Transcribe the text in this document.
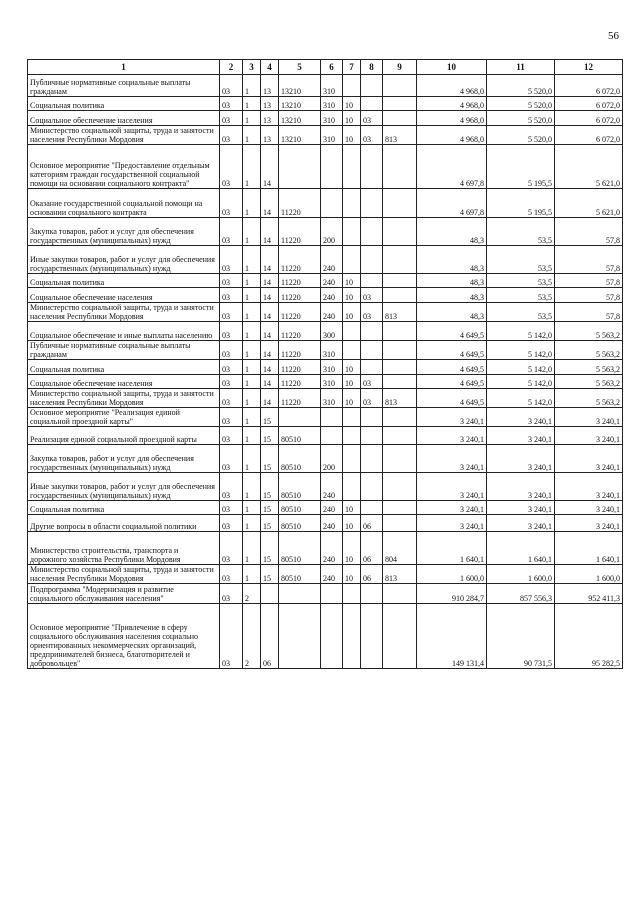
56
1	2	3	4	5	6	7	8	9	10	11	12
Публичные нормативные социальные выплаты гражданам	03	1	13	13210	310				4 968,0	5 520,0	6 072,0
Социальная политика	03	1	13	13210	310	10			4 968,0	5 520,0	6 072,0
Социальное обеспечение населения	03	1	13	13210	310	10	03		4 968,0	5 520,0	6 072,0
Министерство социальной защиты, труда и занятости населения Республики Мордовия	03	1	13	13210	310	10	03	813	4 968,0	5 520,0	6 072,0
Основное мероприятие "Предоставление отдельным категориям граждан государственной социальной помощи на основании социального контракта"	03	1	14						4 697,8	5 195,5	5 621,0
Оказание государственной социальной помощи на основании социального контракта	03	1	14	11220					4 697,8	5 195,5	5 621,0
Закупка товаров, работ и услуг для обеспечения государственных (муниципальных) нужд	03	1	14	11220	200				48,3	53,5	57,8
Иные закупки товаров, работ и услуг для обеспечения государственных (муниципальных) нужд	03	1	14	11220	240				48,3	53,5	57,8
Социальная политика	03	1	14	11220	240	10			48,3	53,5	57,8
Социальное обеспечение населения	03	1	14	11220	240	10	03		48,3	53,5	57,8
Министерство социальной защиты, труда и занятости населения Республики Мордовия	03	1	14	11220	240	10	03	813	48,3	53,5	57,8
Социальное обеспечение и иные выплаты населению	03	1	14	11220	300				4 649,5	5 142,0	5 563,2
Публичные нормативные социальные выплаты гражданам	03	1	14	11220	310				4 649,5	5 142,0	5 563,2
Социальная политика	03	1	14	11220	310	10			4 649,5	5 142,0	5 563,2
Социальное обеспечение населения	03	1	14	11220	310	10	03		4 649,5	5 142,0	5 563,2
Министерство социальной защиты, труда и занятости населения Республики Мордовия	03	1	14	11220	310	10	03	813	4 649,5	5 142,0	5 563,2
Основное мероприятие "Реализация единой социальной проездной карты"	03	1	15						3 240,1	3 240,1	3 240,1
Реализация единой социальной проездной карты	03	1	15	80510					3 240,1	3 240,1	3 240,1
Закупка товаров, работ и услуг для обеспечения государственных (муниципальных) нужд	03	1	15	80510	200				3 240,1	3 240,1	3 240,1
Иные закупки товаров, работ и услуг для обеспечения государственных (муниципальных) нужд	03	1	15	80510	240				3 240,1	3 240,1	3 240,1
Социальная политика	03	1	15	80510	240	10			3 240,1	3 240,1	3 240,1
Другие вопросы в области социальной политики	03	1	15	80510	240	10	06		3 240,1	3 240,1	3 240,1
Министерство строительства, транспорта и дорожного хозяйства Республики Мордовия	03	1	15	80510	240	10	06	804	1 640,1	1 640,1	1 640,1
Министерство социальной защиты, труда и занятости населения Республики Мордовия	03	1	15	80510	240	10	06	813	1 600,0	1 600,0	1 600,0
Подпрограмма "Модернизация и развитие социального обслуживания населения"	03	2							910 284,7	857 556,3	952 411,3
Основное мероприятие "Привлечение в сферу социального обслуживания населения социально ориентированных некоммерческих организаций, предпринимателей бизнеса, благотворителей и добровольцев"	03	2	06						149 131,4	90 731,5	95 282,5
